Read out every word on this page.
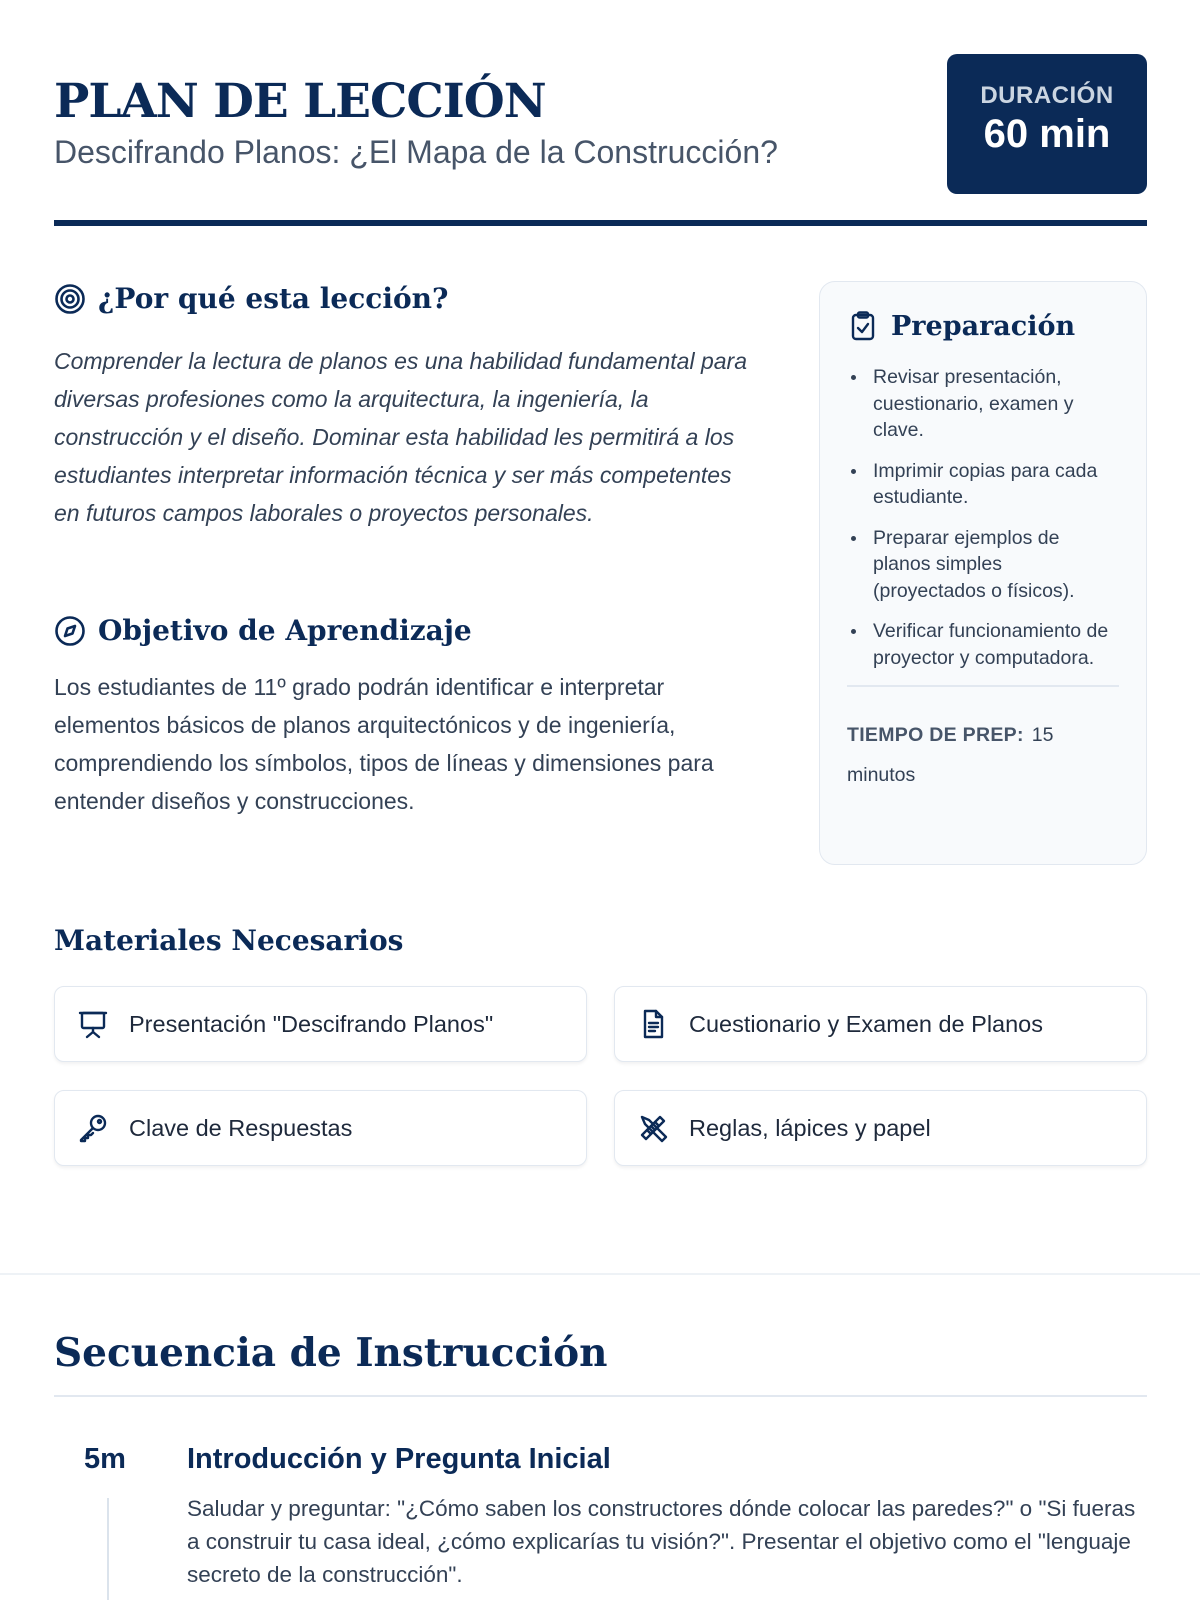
PLAN DE LECCIÓN
Descifrando Planos: ¿El Mapa de la Construcción?
DURACIÓN
60 min
¿Por qué esta lección?

Comprender la lectura de planos es una habilidad fundamental para diversas profesiones como la arquitectura, la ingeniería, la construcción y el diseño. Dominar esta habilidad les permitirá a los estudiantes interpretar información técnica y ser más competentes en futuros campos laborales o proyectos personales.

Objetivo de Aprendizaje

Los estudiantes de 11º grado podrán identificar e interpretar elementos básicos de planos arquitectónicos y de ingeniería, comprendiendo los símbolos, tipos de líneas y dimensiones para entender diseños y construcciones.

Preparación
Revisar presentación, cuestionario, examen y clave.
Imprimir copias para cada estudiante.
Preparar ejemplos de planos simples (proyectados o físicos).
Verificar funcionamiento de proyector y computadora.
TIEMPO DE PREP: 15 minutos
Materiales Necesarios
Presentación "Descifrando Planos"	Cuestionario y Examen de Planos
Clave de Respuestas	Reglas, lápices y papel
Secuencia de Instrucción
5m Introducción y Pregunta Inicial

Saludar y preguntar: "¿Cómo saben los constructores dónde colocar las paredes?" o "Si fueras a construir tu casa ideal, ¿cómo explicarías tu visión?". Presentar el objetivo como el "lenguaje secreto de la construcción".
